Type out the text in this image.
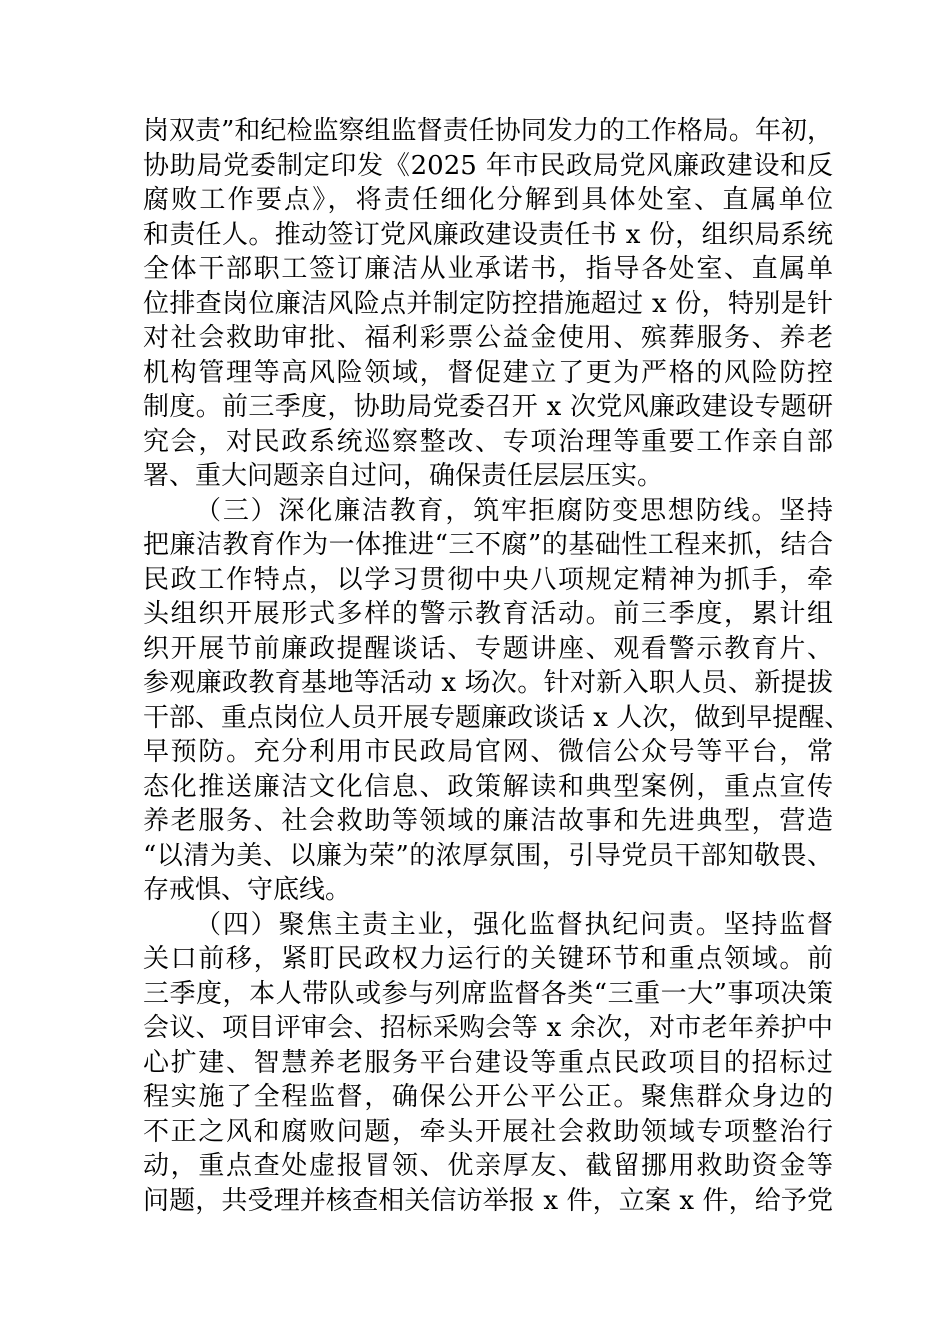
岗双责”和纪检监察组监督责任协同发力的工作格局。年初，
协助局党委制定印发《2025 年市民政局党风廉政建设和反
腐败工作要点》，将责任细化分解到具体处室、直属单位
和责任人。推动签订党风廉政建设责任书 x 份，组织局系统
全体干部职工签订廉洁从业承诺书，指导各处室、直属单
位排查岗位廉洁风险点并制定防控措施超过 x 份，特别是针
对社会救助审批、福利彩票公益金使用、殡葬服务、养老
机构管理等高风险领域，督促建立了更为严格的风险防控
制度。前三季度，协助局党委召开 x 次党风廉政建设专题研
究会，对民政系统巡察整改、专项治理等重要工作亲自部
署、重大问题亲自过问，确保责任层层压实。
（三）深化廉洁教育，筑牢拒腐防变思想防线。坚持
把廉洁教育作为一体推进“三不腐”的基础性工程来抓，结合
民政工作特点，以学习贯彻中央八项规定精神为抓手，牵
头组织开展形式多样的警示教育活动。前三季度，累计组
织开展节前廉政提醒谈话、专题讲座、观看警示教育片、
参观廉政教育基地等活动 x 场次。针对新入职人员、新提拔
干部、重点岗位人员开展专题廉政谈话 x 人次，做到早提醒、
早预防。充分利用市民政局官网、微信公众号等平台，常
态化推送廉洁文化信息、政策解读和典型案例，重点宣传
养老服务、社会救助等领域的廉洁故事和先进典型，营造
“以清为美、以廉为荣”的浓厚氛围，引导党员干部知敬畏、
存戒惧、守底线。
（四）聚焦主责主业，强化监督执纪问责。坚持监督
关口前移，紧盯民政权力运行的关键环节和重点领域。前
三季度，本人带队或参与列席监督各类“三重一大”事项决策
会议、项目评审会、招标采购会等 x 余次，对市老年养护中
心扩建、智慧养老服务平台建设等重点民政项目的招标过
程实施了全程监督，确保公开公平公正。聚焦群众身边的
不正之风和腐败问题，牵头开展社会救助领域专项整治行
动，重点查处虚报冒领、优亲厚友、截留挪用救助资金等
问题，共受理并核查相关信访举报 x 件，立案 x 件，给予党
